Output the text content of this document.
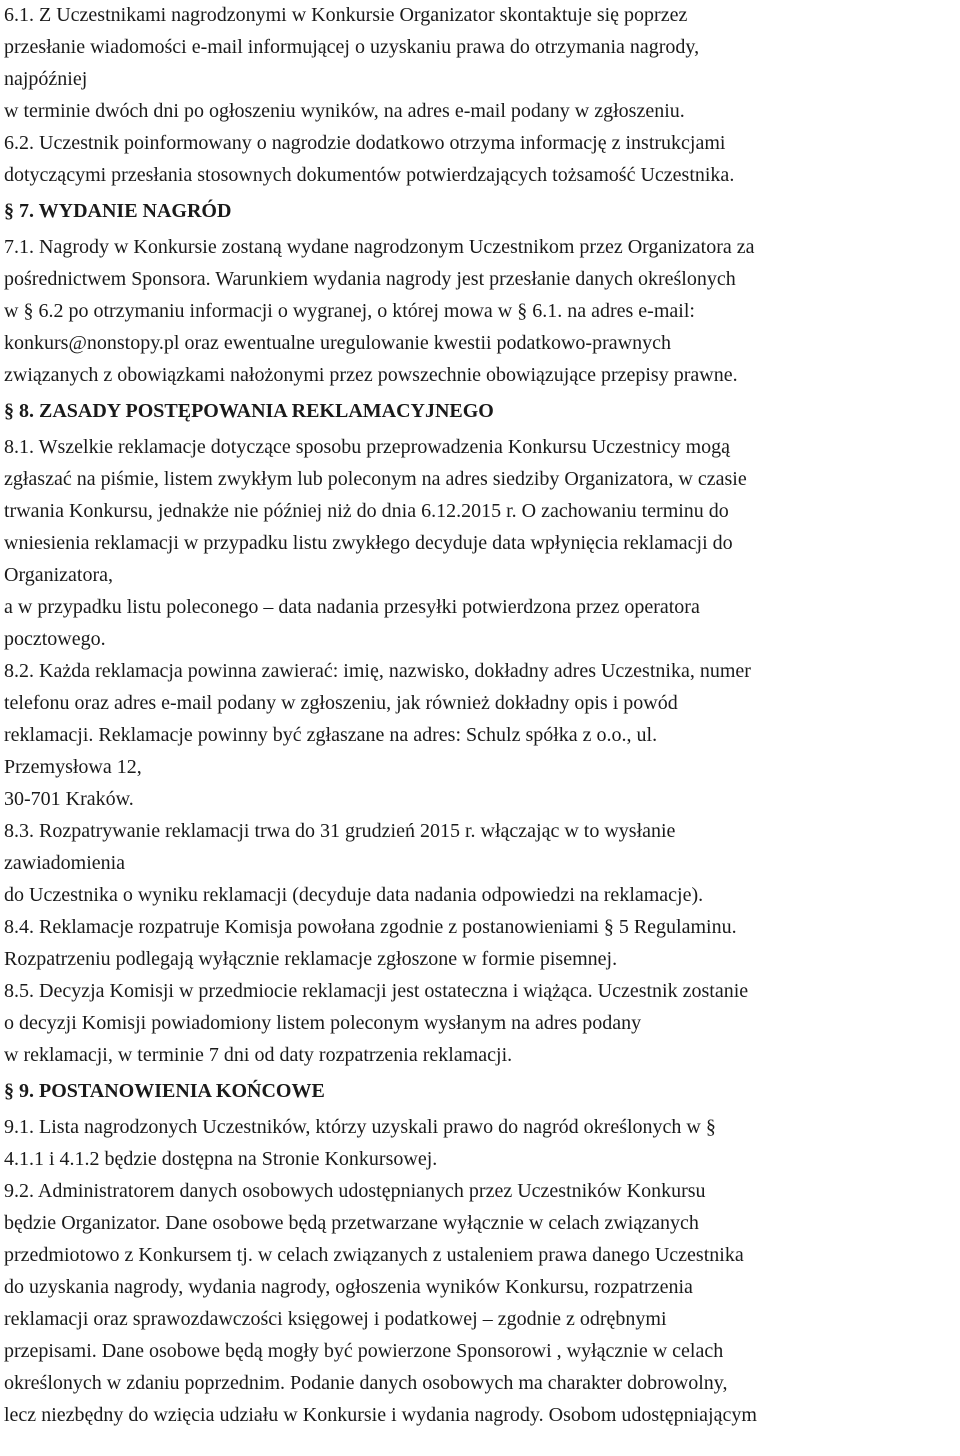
6.1. Z Uczestnikami nagrodzonymi w Konkursie Organizator skontaktuje się poprzez
przesłanie wiadomości e-mail informującej o uzyskaniu prawa do otrzymania nagrody,
najpóźniej
w terminie dwóch dni po ogłoszeniu wyników, na adres e-mail podany w zgłoszeniu.
6.2. Uczestnik poinformowany o nagrodzie dodatkowo otrzyma informację z instrukcjami
dotyczącymi przesłania stosownych dokumentów potwierdzających tożsamość Uczestnika.
§ 7. WYDANIE NAGRÓD
7.1. Nagrody w Konkursie zostaną wydane nagrodzonym Uczestnikom przez Organizatora za
pośrednictwem Sponsora. Warunkiem wydania nagrody jest przesłanie danych określonych
w § 6.2 po otrzymaniu informacji o wygranej, o której mowa w § 6.1. na adres e-mail:
konkurs@nonstopy.pl oraz ewentualne uregulowanie kwestii podatkowo-prawnych
związanych z obowiązkami nałożonymi przez powszechnie obowiązujące przepisy prawne.
§ 8. ZASADY POSTĘPOWANIA REKLAMACYJNEGO
8.1. Wszelkie reklamacje dotyczące sposobu przeprowadzenia Konkursu Uczestnicy mogą
zgłaszać na piśmie, listem zwykłym lub poleconym na adres siedziby Organizatora, w czasie
trwania Konkursu, jednakże nie później niż do dnia 6.12.2015 r. O zachowaniu terminu do
wniesienia reklamacji w przypadku listu zwykłego decyduje data wpłynięcia reklamacji do
Organizatora,
a w przypadku listu poleconego – data nadania przesyłki potwierdzona przez operatora
pocztowego.
8.2. Każda reklamacja powinna zawierać: imię, nazwisko, dokładny adres Uczestnika, numer
telefonu oraz adres e-mail podany w zgłoszeniu, jak również dokładny opis i powód
reklamacji. Reklamacje powinny być zgłaszane na adres: Schulz spółka z o.o., ul.
Przemysłowa 12,
30-701 Kraków.
8.3. Rozpatrywanie reklamacji trwa do 31 grudzień 2015 r. włączając w to wysłanie
zawiadomienia
do Uczestnika o wyniku reklamacji (decyduje data nadania odpowiedzi na reklamacje).
8.4. Reklamacje rozpatruje Komisja powołana zgodnie z postanowieniami § 5 Regulaminu.
Rozpatrzeniu podlegają wyłącznie reklamacje zgłoszone w formie pisemnej.
8.5. Decyzja Komisji w przedmiocie reklamacji jest ostateczna i wiążąca. Uczestnik zostanie
o decyzji Komisji powiadomiony listem poleconym wysłanym na adres podany
w reklamacji, w terminie 7 dni od daty rozpatrzenia reklamacji.
§ 9. POSTANOWIENIA KOŃCOWE
9.1. Lista nagrodzonych Uczestników, którzy uzyskali prawo do nagród określonych w §
4.1.1 i 4.1.2 będzie dostępna na Stronie Konkursowej.
9.2. Administratorem danych osobowych udostępnianych przez Uczestników Konkursu
będzie Organizator. Dane osobowe będą przetwarzane wyłącznie w celach związanych
przedmiotowo z Konkursem tj. w celach związanych z ustaleniem prawa danego Uczestnika
do uzyskania nagrody, wydania nagrody, ogłoszenia wyników Konkursu, rozpatrzenia
reklamacji oraz sprawozdawczości księgowej i podatkowej – zgodnie z odrębnymi
przepisami. Dane osobowe będą mogły być powierzone Sponsorowi , wyłącznie w celach
określonych w zdaniu poprzednim. Podanie danych osobowych ma charakter dobrowolny,
lecz niezbędny do wzięcia udziału w Konkursie i wydania nagrody. Osobom udostępniającym
